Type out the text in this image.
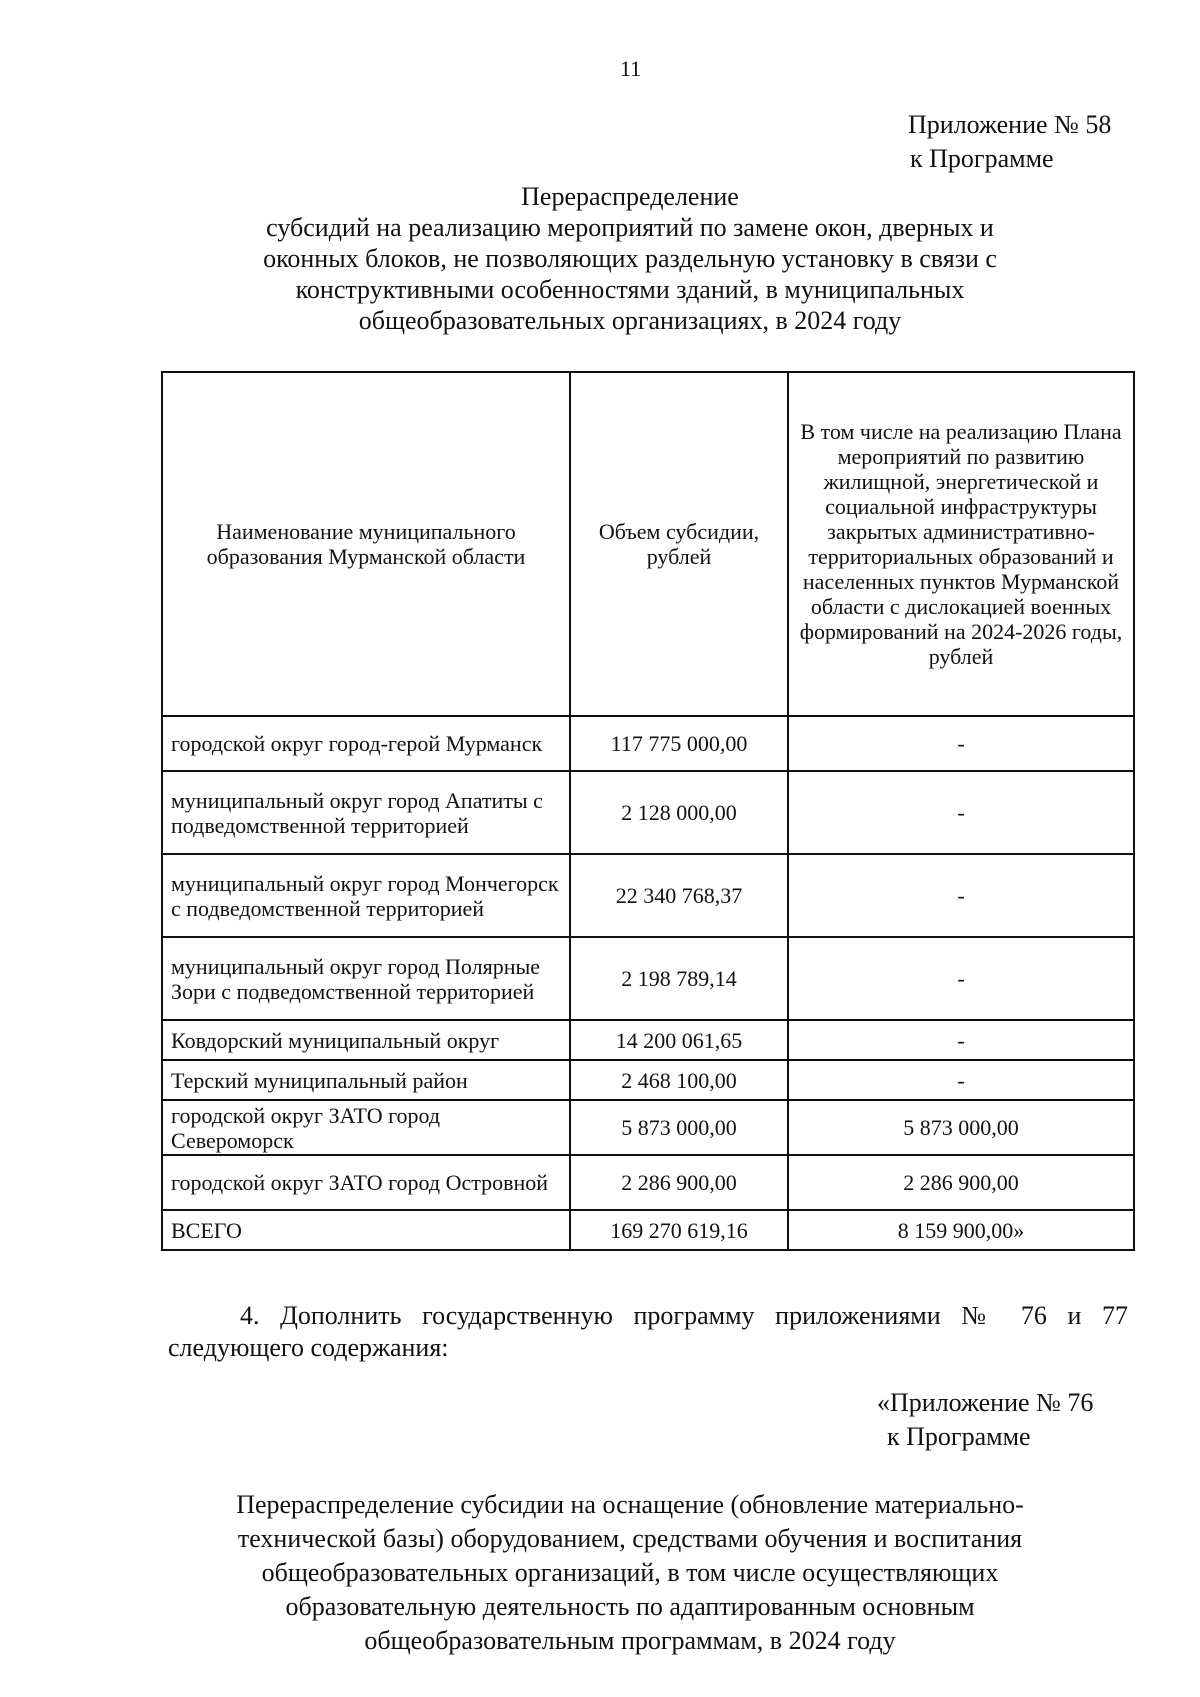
11
Приложение № 58
к Программе
Перераспределение
субсидий на реализацию мероприятий по замене окон, дверных и
оконных блоков, не позволяющих раздельную установку в связи с
конструктивными особенностями зданий, в муниципальных
общеобразовательных организациях, в 2024 году
Наименование муниципального образования Мурманской области	Объем субсидии, рублей	В том числе на реализацию Плана мероприятий по развитию жилищной, энергетической и социальной инфраструктуры закрытых административно-территориальных образований и населенных пунктов Мурманской области с дислокацией военных формирований на 2024-2026 годы, рублей
городской округ город-герой Мурманск	117 775 000,00	-
муниципальный округ город Апатиты с подведомственной территорией	2 128 000,00	-
муниципальный округ город Мончегорск с подведомственной территорией	22 340 768,37	-
муниципальный округ город Полярные Зори с подведомственной территорией	2 198 789,14	-
Ковдорский муниципальный округ	14 200 061,65	-
Терский муниципальный район	2 468 100,00	-
городской округ ЗАТО город Североморск	5 873 000,00	5 873 000,00
городской округ ЗАТО город Островной	2 286 900,00	2 286 900,00
ВСЕГО	169 270 619,16	8 159 900,00»
4. Дополнить государственную программу приложениями № 76 и 77
следующего содержания:
«Приложение № 76
к Программе
Перераспределение субсидии на оснащение (обновление материально-
технической базы) оборудованием, средствами обучения и воспитания
общеобразовательных организаций, в том числе осуществляющих
образовательную деятельность по адаптированным основным
общеобразовательным программам, в 2024 году
